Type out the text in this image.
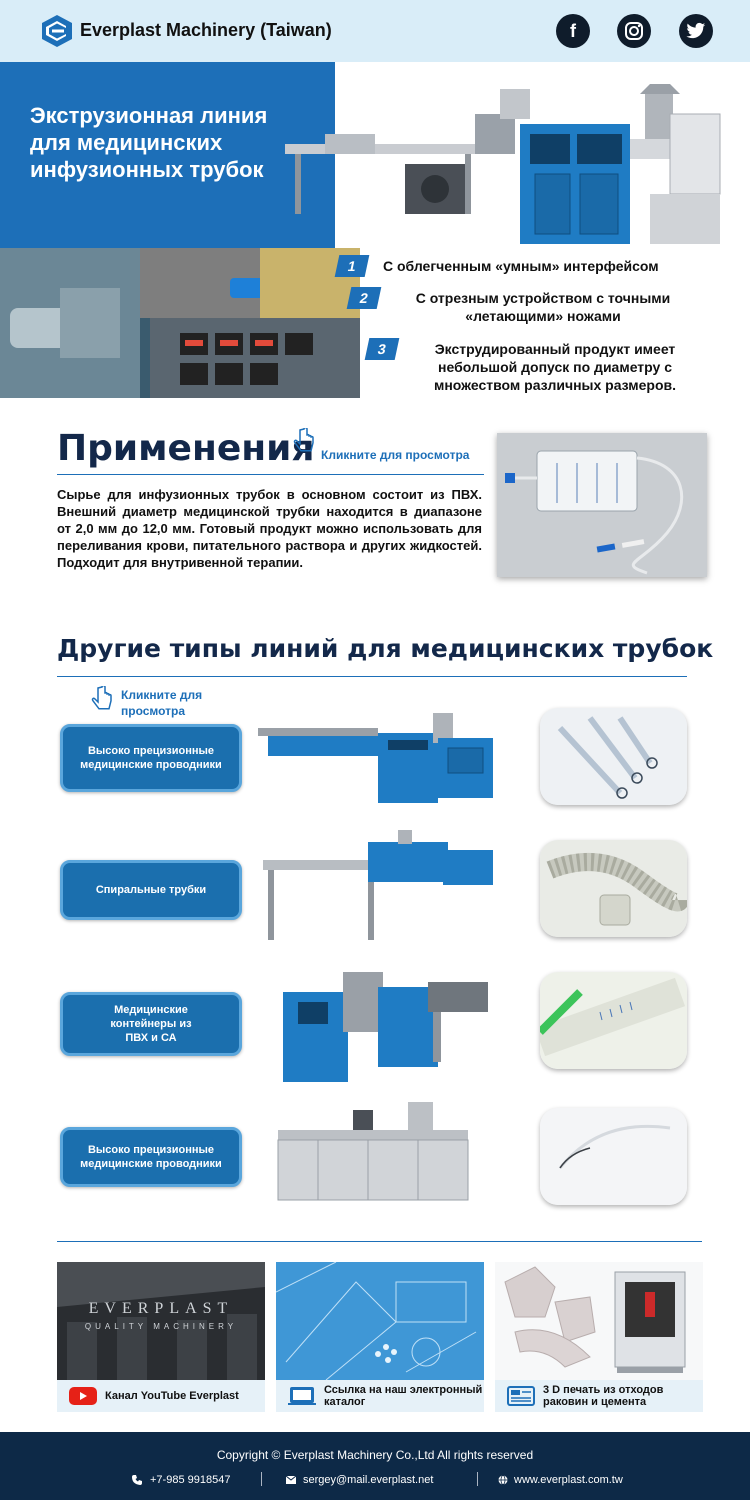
Everplast Machinery (Taiwan)	f
Экструзионная линия для медицинских инфузионных трубок
1	С облегченным «умным» интерфейсом
2	С отрезным устройством с точными «летающими» ножами
3	Экструдированный продукт имеет небольшой допуск по диаметру с множеством различных размеров.
Применения Кликните для просмотра
Сырье для инфузионных трубок в основном состоит из ПВХ. Внешний диаметр медицинской трубки находится в диапазоне от 2,0 мм до 12,0 мм. Готовый продукт можно использовать для переливания крови, питательного раствора и других жидкостей. Подходит для внутривенной терапии.
Другие типы линий для медицинских трубок
Кликните для
просмотра
Высоко прецизионные медицинские проводники
Спиральные трубки
Медицинские контейнеры из ПВХ и СА
Высоко прецизионные медицинские проводники
EVERPLAST
QUALITY MACHINERY
Канал YouTube Everplast	Ссылка на наш электронный каталог
3 D печать из отходов раковин и цемента
Copyright © Everplast Machinery Co.,Ltd All rights reserved
+7-985 9918547	sergey@mail.everplast.net	www.everplast.com.tw
